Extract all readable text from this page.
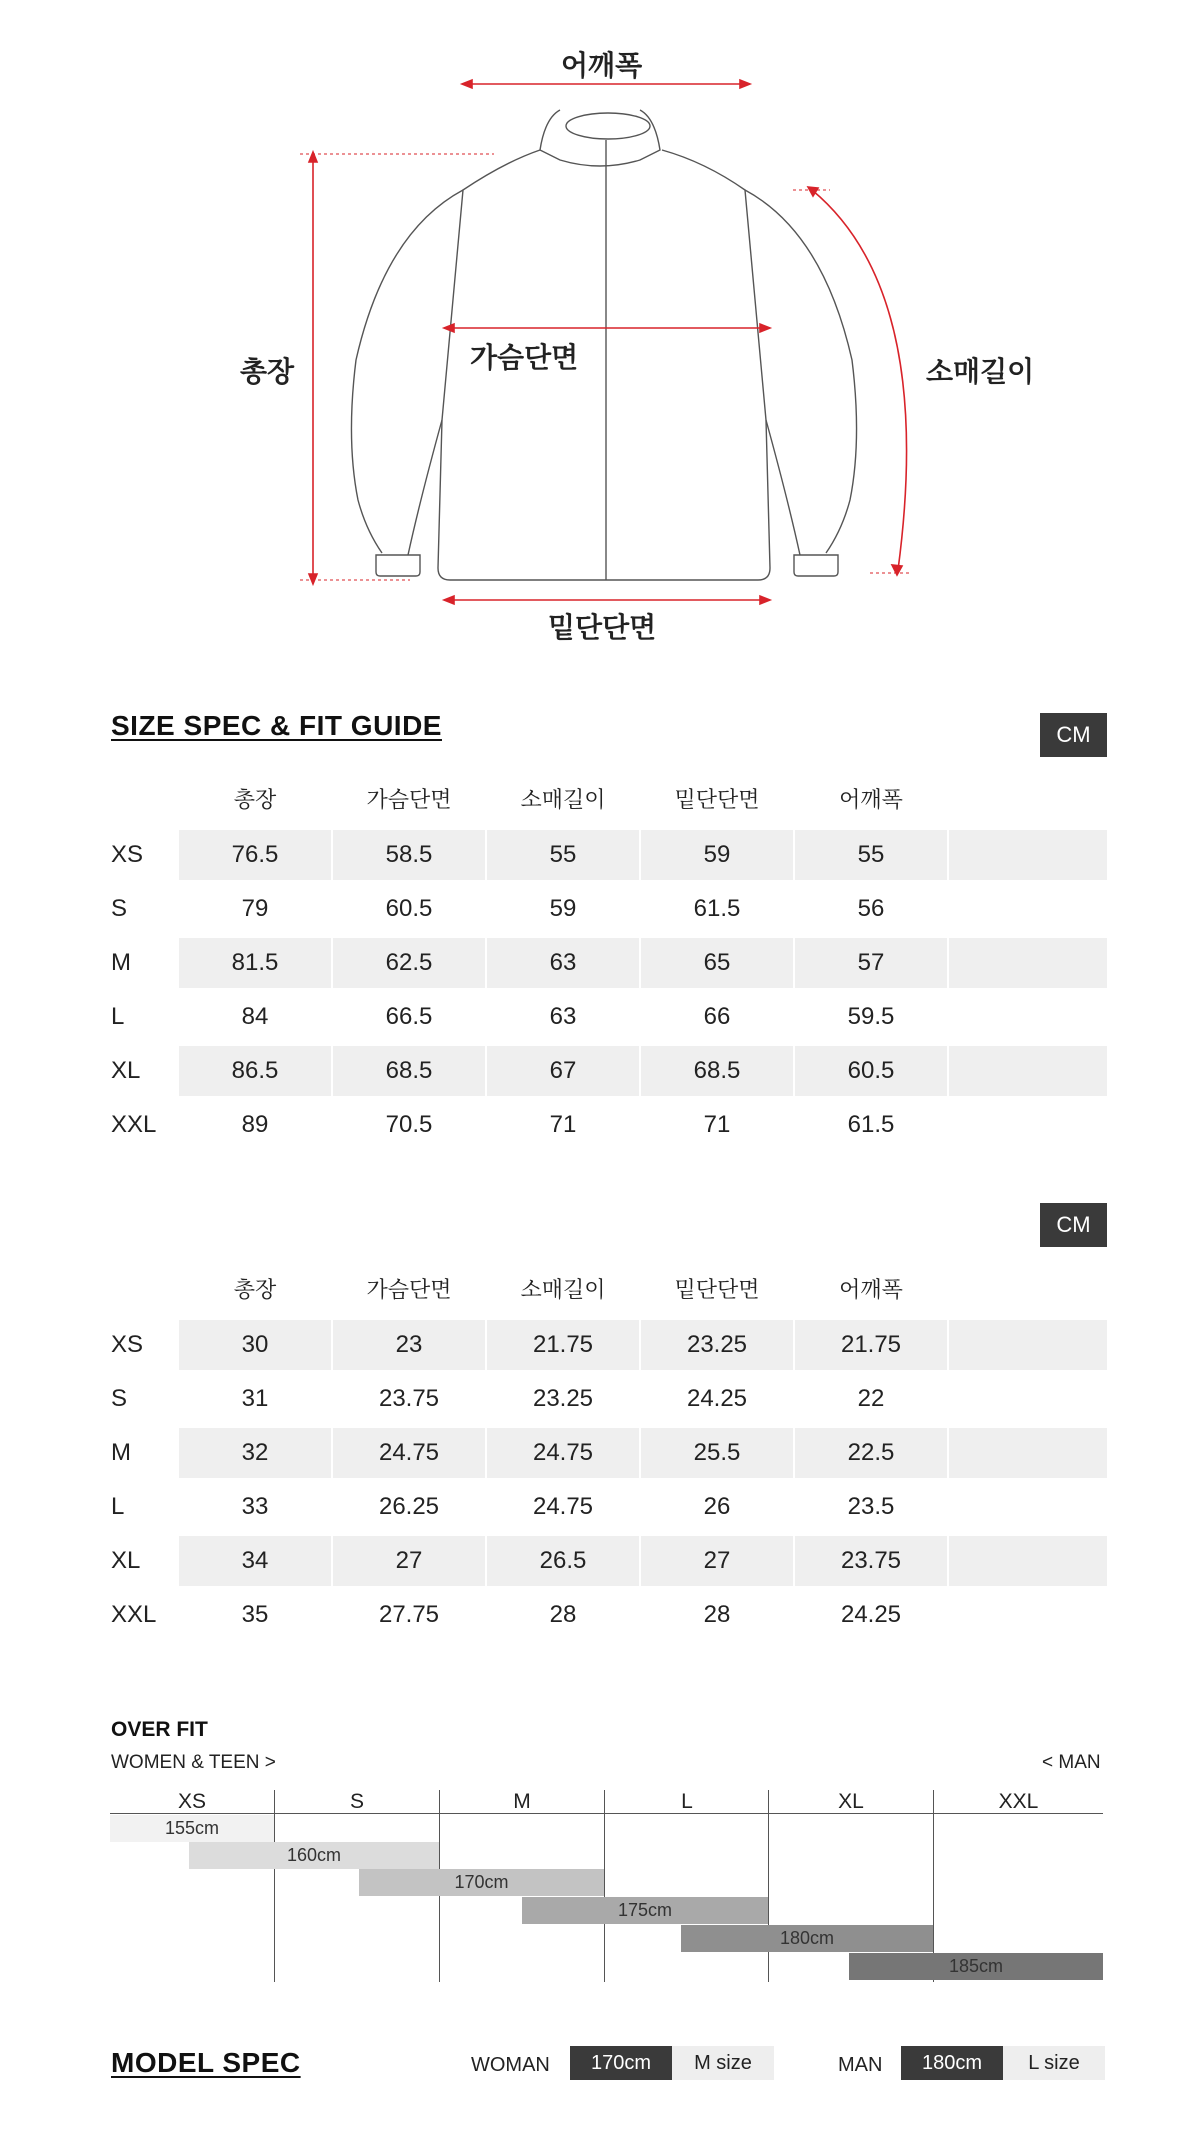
어깨폭
총장	가슴단면	소매길이
밑단단면
SIZE SPEC & FIT GUIDE	CM
총장	가슴단면	소매길이	밑단단면	어깨폭
XS	76.5	58.5	55	59	55
S	79	60.5	59	61.5	56
M	81.5	62.5	63	65	57
L	84	66.5	63	66	59.5
XL	86.5	68.5	67	68.5	60.5
XXL	89	70.5	71	71	61.5
CM
총장	가슴단면	소매길이	밑단단면	어깨폭
XS	30	23	21.75	23.25	21.75
S	31	23.75	23.25	24.25	22
M	32	24.75	24.75	25.5	22.5
L	33	26.25	24.75	26	23.5
XL	34	27	26.5	27	23.75
XXL	35	27.75	28	28	24.25
OVER FIT
WOMEN & TEEN >	< MAN
XS	S	M	L	XL	XXL
155cm
160cm
170cm
175cm
180cm
185cm
MODEL SPEC	WOMAN	170cm	M size	MAN	180cm	L size
